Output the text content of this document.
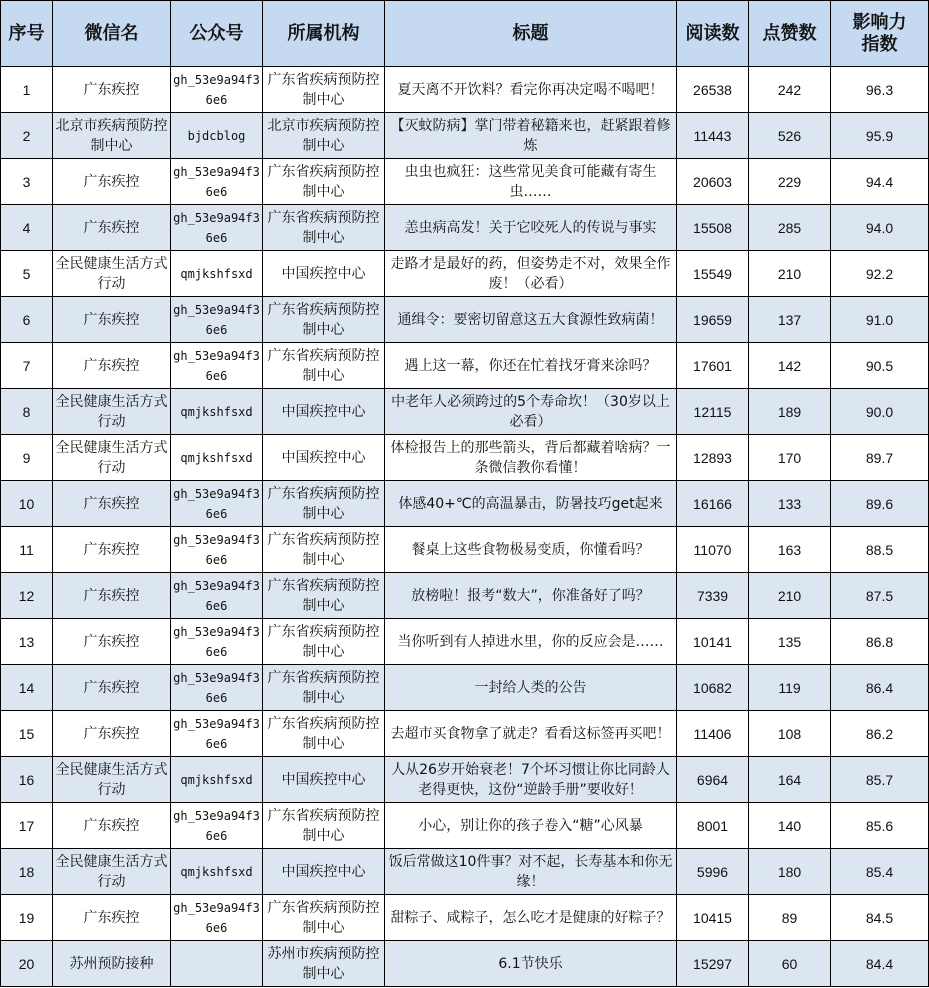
序号	微信名	公众号	所属机构	标题	阅读数	点赞数	影响力指数
1	广东疾控	gh_53e9a94f36e6	广东省疾病预防控制中心	夏天离不开饮料？看完你再决定喝不喝吧！	26538	242	96.3
2	北京市疾病预防控制中心	bjdcblog	北京市疾病预防控制中心	【灭蚊防病】掌门带着秘籍来也，赶紧跟着修炼	11443	526	95.9
3	广东疾控	gh_53e9a94f36e6	广东省疾病预防控制中心	虫虫也疯狂：这些常见美食可能藏有寄生虫……	20603	229	94.4
4	广东疾控	gh_53e9a94f36e6	广东省疾病预防控制中心	恙虫病高发！关于它咬死人的传说与事实	15508	285	94.0
5	全民健康生活方式行动	qmjkshfsxd	中国疾控中心	走路才是最好的药，但姿势走不对，效果全作废！（必看）	15549	210	92.2
6	广东疾控	gh_53e9a94f36e6	广东省疾病预防控制中心	通缉令：要密切留意这五大食源性致病菌！	19659	137	91.0
7	广东疾控	gh_53e9a94f36e6	广东省疾病预防控制中心	遇上这一幕，你还在忙着找牙膏来涂吗？	17601	142	90.5
8	全民健康生活方式行动	qmjkshfsxd	中国疾控中心	中老年人必须跨过的5个寿命坎！（30岁以上必看）	12115	189	90.0
9	全民健康生活方式行动	qmjkshfsxd	中国疾控中心	体检报告上的那些箭头，背后都藏着啥病？一条微信教你看懂！	12893	170	89.7
10	广东疾控	gh_53e9a94f36e6	广东省疾病预防控制中心	体感40+℃的高温暴击，防暑技巧get起来	16166	133	89.6
11	广东疾控	gh_53e9a94f36e6	广东省疾病预防控制中心	餐桌上这些食物极易变质，你懂看吗？	11070	163	88.5
12	广东疾控	gh_53e9a94f36e6	广东省疾病预防控制中心	放榜啦！报考“数大”，你准备好了吗？	7339	210	87.5
13	广东疾控	gh_53e9a94f36e6	广东省疾病预防控制中心	当你听到有人掉进水里，你的反应会是……	10141	135	86.8
14	广东疾控	gh_53e9a94f36e6	广东省疾病预防控制中心	一封给人类的公告	10682	119	86.4
15	广东疾控	gh_53e9a94f36e6	广东省疾病预防控制中心	去超市买食物拿了就走？看看这标签再买吧！	11406	108	86.2
16	全民健康生活方式行动	qmjkshfsxd	中国疾控中心	人从26岁开始衰老！7个坏习惯让你比同龄人老得更快，这份“逆龄手册”要收好！	6964	164	85.7
17	广东疾控	gh_53e9a94f36e6	广东省疾病预防控制中心	小心，别让你的孩子卷入“糖”心风暴	8001	140	85.6
18	全民健康生活方式行动	qmjkshfsxd	中国疾控中心	饭后常做这10件事？对不起，长寿基本和你无缘！	5996	180	85.4
19	广东疾控	gh_53e9a94f36e6	广东省疾病预防控制中心	甜粽子、咸粽子，怎么吃才是健康的好粽子？	10415	89	84.5
20	苏州预防接种		苏州市疾病预防控制中心	6.1节快乐	15297	60	84.4
